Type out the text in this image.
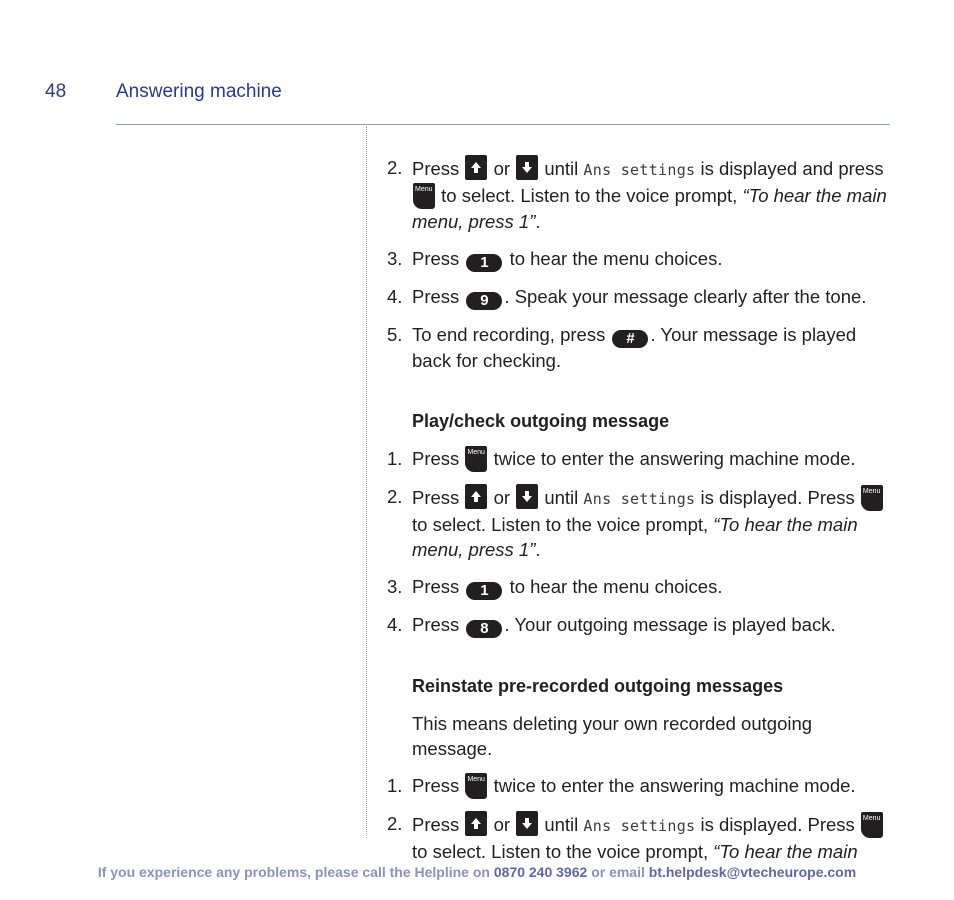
48	Answering machine
2. Press or until Ans settings is displayed and press
Menu to select. Listen to the voice prompt, “To hear the main menu, press 1”.
3. Press 1 to hear the menu choices.
4. Press 9 . Speak your message clearly after the tone.
5. To end recording, press # . Your message is played back for checking.
Play/check outgoing message
1. Press Menu twice to enter the answering machine mode.
2. Press or until Ans settings is displayed. Press Menu
to select. Listen to the voice prompt, “To hear the main menu, press 1”.
3. Press 1 to hear the menu choices.
4. Press 8 . Your outgoing message is played back.
Reinstate pre-recorded outgoing messages
This means deleting your own recorded outgoing message.
1. Press Menu twice to enter the answering machine mode.
2. Press or until Ans settings is displayed. Press Menu
to select. Listen to the voice prompt, “To hear the main
If you experience any problems, please call the Helpline on 0870 240 3962 or email bt.helpdesk@vtecheurope.com
